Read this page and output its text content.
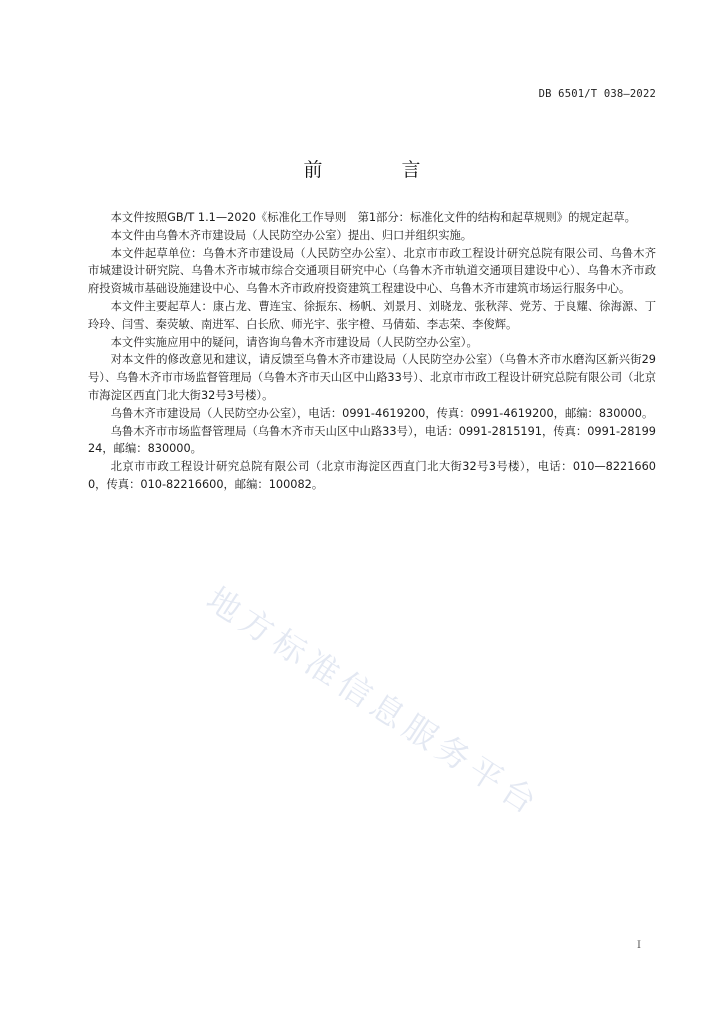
DB 6501/T 038—2022
前　言

本文件按照GB/T 1.1—2020《标准化工作导则　第1部分：标准化文件的结构和起草规则》的规定起草。

本文件由乌鲁木齐市建设局（人民防空办公室）提出、归口并组织实施。

本文件起草单位：乌鲁木齐市建设局（人民防空办公室）、北京市市政工程设计研究总院有限公司、乌鲁木齐市城建设计研究院、乌鲁木齐市城市综合交通项目研究中心（乌鲁木齐市轨道交通项目建设中心）、乌鲁木齐市政府投资城市基础设施建设中心、乌鲁木齐市政府投资建筑工程建设中心、乌鲁木齐市建筑市场运行服务中心。

本文件主要起草人：康占龙、曹连宝、徐振东、杨帆、刘景月、刘晓龙、张秋萍、党芳、于良耀、徐海源、丁玲玲、闫雪、秦荧敏、南进军、白长欣、师光宇、张宇橙、马倩茹、李志荣、李俊辉。

本文件实施应用中的疑问，请咨询乌鲁木齐市建设局（人民防空办公室）。

对本文件的修改意见和建议，请反馈至乌鲁木齐市建设局（人民防空办公室）（乌鲁木齐市水磨沟区新兴街29号）、乌鲁木齐市市场监督管理局（乌鲁木齐市天山区中山路33号）、北京市市政工程设计研究总院有限公司（北京市海淀区西直门北大街32号3号楼）。

乌鲁木齐市建设局（人民防空办公室），电话：0991-4619200，传真：0991-4619200，邮编：830000。

乌鲁木齐市市场监督管理局（乌鲁木齐市天山区中山路33号），电话：0991-2815191，传真：0991-2819924，邮编：830000。

北京市市政工程设计研究总院有限公司（北京市海淀区西直门北大街32号3号楼），电话：010—82216600，传真：010-82216600，邮编：100082。

地方标准信息服务平台
I
